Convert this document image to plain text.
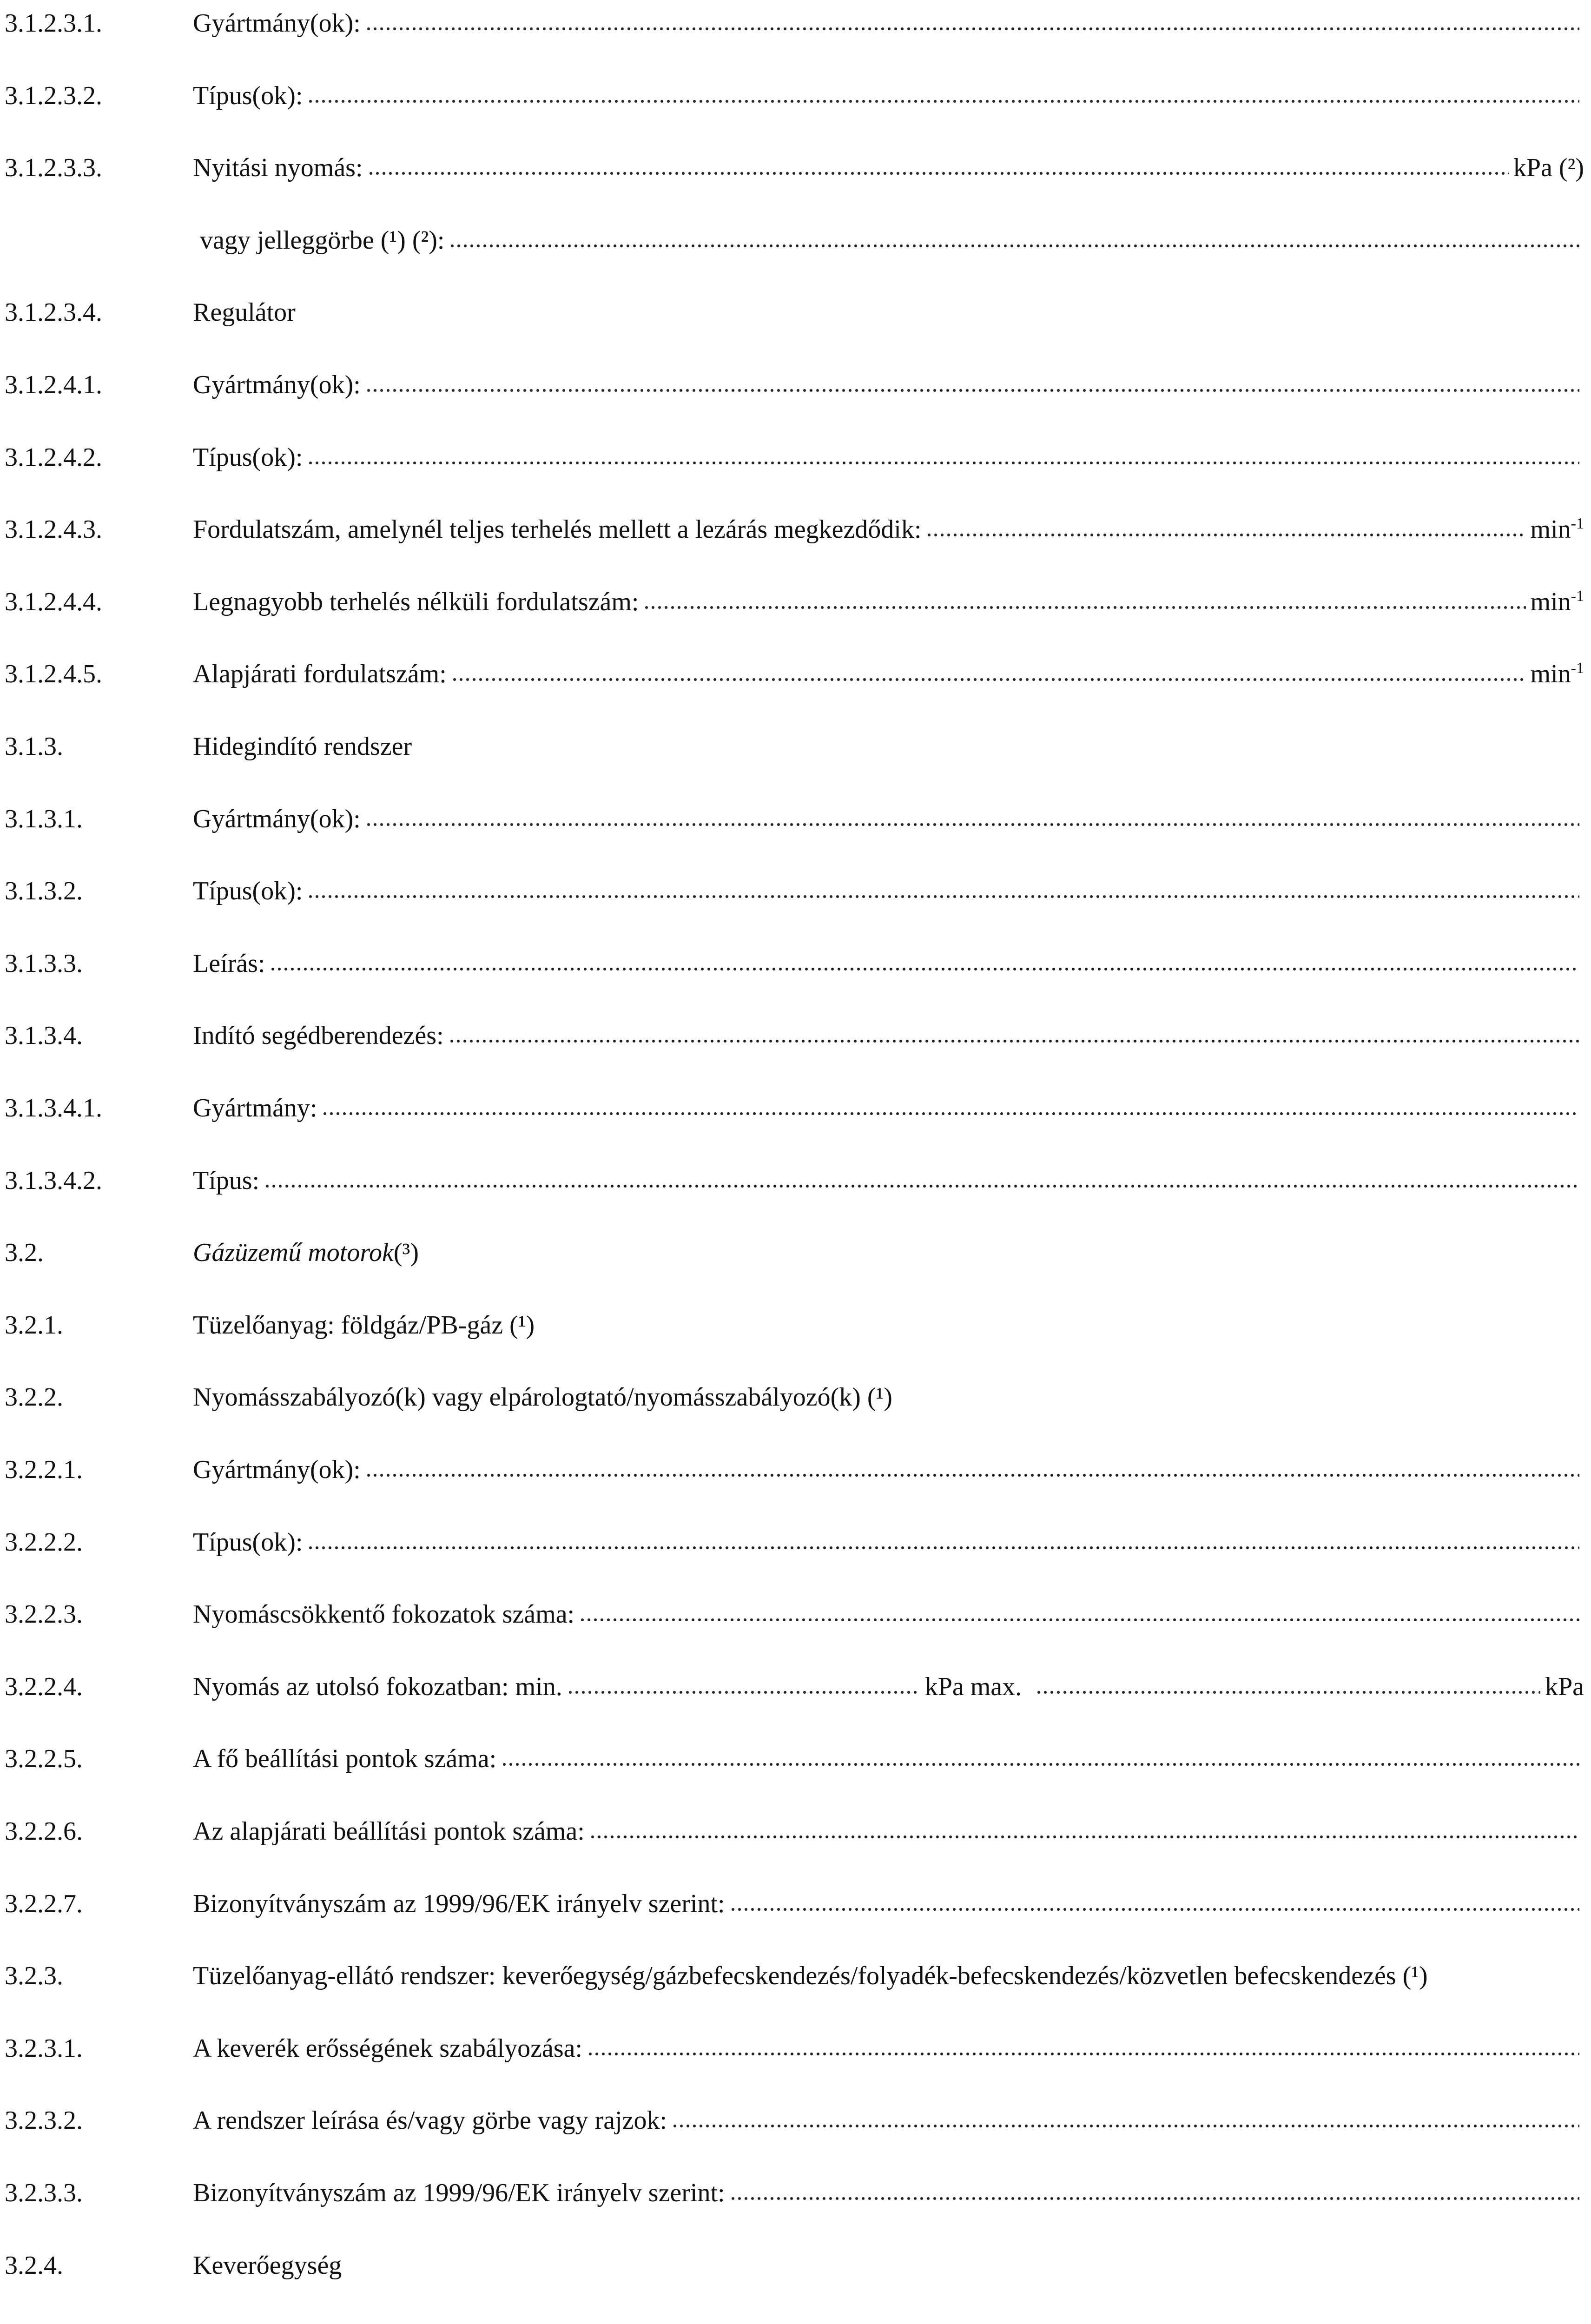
3.1.2.3.1.	Gyártmány(ok):
3.1.2.3.2.	Típus(ok):
3.1.2.3.3.	Nyitási nyomás:	kPa (²)
vagy jelleggörbe (¹) (²):
3.1.2.3.4.	Regulátor
3.1.2.4.1.	Gyártmány(ok):
3.1.2.4.2.	Típus(ok):
3.1.2.4.3.	Fordulatszám, amelynél teljes terhelés mellett a lezárás megkezdődik:	$\min^{-1}$
3.1.2.4.4.	Legnagyobb terhelés nélküli fordulatszám:	$\min^{-1}$
3.1.2.4.5.	Alapjárati fordulatszám:	$\min^{-1}$
3.1.3.	Hidegindító rendszer
3.1.3.1.	Gyártmány(ok):
3.1.3.2.	Típus(ok):
3.1.3.3.	Leírás:
3.1.3.4.	Indító segédberendezés:
3.1.3.4.1.	Gyártmány:
3.1.3.4.2.	Típus:
3.2.	Gázüzemű motorok (³)
3.2.1.	Tüzelőanyag: földgáz/PB-gáz (¹)
3.2.2.	Nyomásszabályozó(k) vagy elpárologtató/nyomásszabályozó(k) (¹)
3.2.2.1.	Gyártmány(ok):
3.2.2.2.	Típus(ok):
3.2.2.3.	Nyomáscsökkentő fokozatok száma:
3.2.2.4.	Nyomás az utolsó fokozatban: min.	kPa max.	kPa
3.2.2.5.	A fő beállítási pontok száma:
3.2.2.6.	Az alapjárati beállítási pontok száma:
3.2.2.7.	Bizonyítványszám az 1999/96/EK irányelv szerint:
3.2.3.	Tüzelőanyag-ellátó rendszer: keverőegység/gázbefecskendezés/folyadék-befecskendezés/közvetlen befecskendezés (¹)
3.2.3.1.	A keverék erősségének szabályozása:
3.2.3.2.	A rendszer leírása és/vagy görbe vagy rajzok:
3.2.3.3.	Bizonyítványszám az 1999/96/EK irányelv szerint:
3.2.4.	Keverőegység
